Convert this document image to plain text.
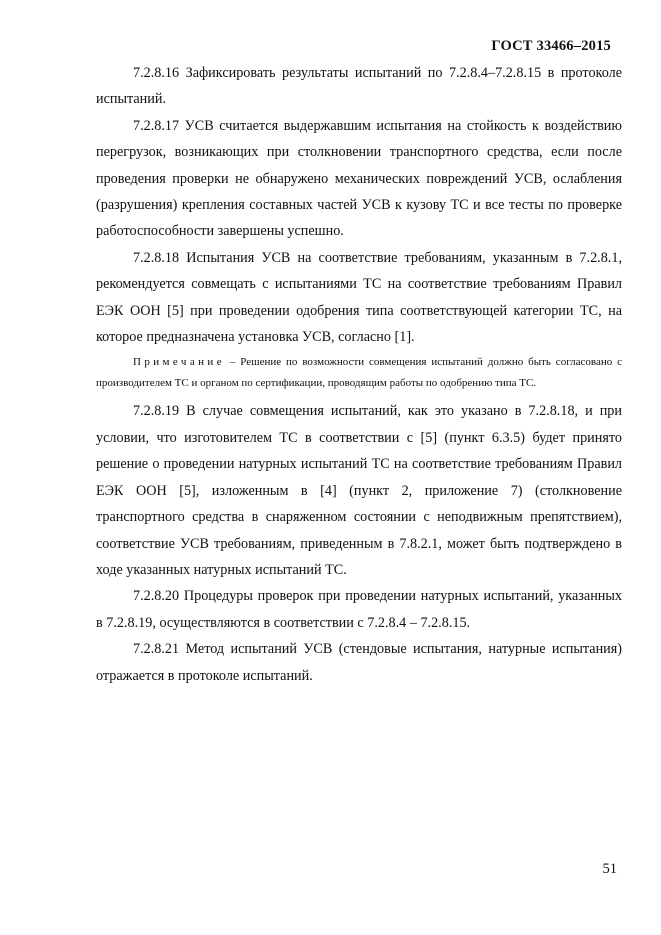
ГОСТ 33466–2015

7.2.8.16 Зафиксировать результаты испытаний по 7.2.8.4–7.2.8.15 в протоколе испытаний.

7.2.8.17 УСВ считается выдержавшим испытания на стойкость к воздействию перегрузок, возникающих при столкновении транспортного средства, если после проведения проверки не обнаружено механических повреждений УСВ, ослабления (разрушения) крепления составных частей УСВ к кузову ТС и все тесты по проверке работоспособности завершены успешно.

7.2.8.18 Испытания УСВ на соответствие требованиям, указанным в 7.2.8.1, рекомендуется совмещать с испытаниями ТС на соответствие требованиям Правил ЕЭК ООН [5] при проведении одобрения типа соответствующей категории ТС, на которое предназначена установка УСВ, согласно [1].

Примечание – Решение по возможности совмещения испытаний должно быть согласовано с производителем ТС и органом по сертификации, проводящим работы по одобрению типа ТС.

7.2.8.19 В случае совмещения испытаний, как это указано в 7.2.8.18, и при условии, что изготовителем ТС в соответствии с [5] (пункт 6.3.5) будет принято решение о проведении натурных испытаний ТС на соответствие требованиям Правил ЕЭК ООН [5], изложенным в [4] (пункт 2, приложение 7) (столкновение транспортного средства в снаряженном состоянии с неподвижным препятствием), соответствие УСВ требованиям, приведенным в 7.8.2.1, может быть подтверждено в ходе указанных натурных испытаний ТС.

7.2.8.20 Процедуры проверок при проведении натурных испытаний, указанных в 7.2.8.19, осуществляются в соответствии с 7.2.8.4 – 7.2.8.15.

7.2.8.21 Метод испытаний УСВ (стендовые испытания, натурные испытания) отражается в протоколе испытаний.

51
